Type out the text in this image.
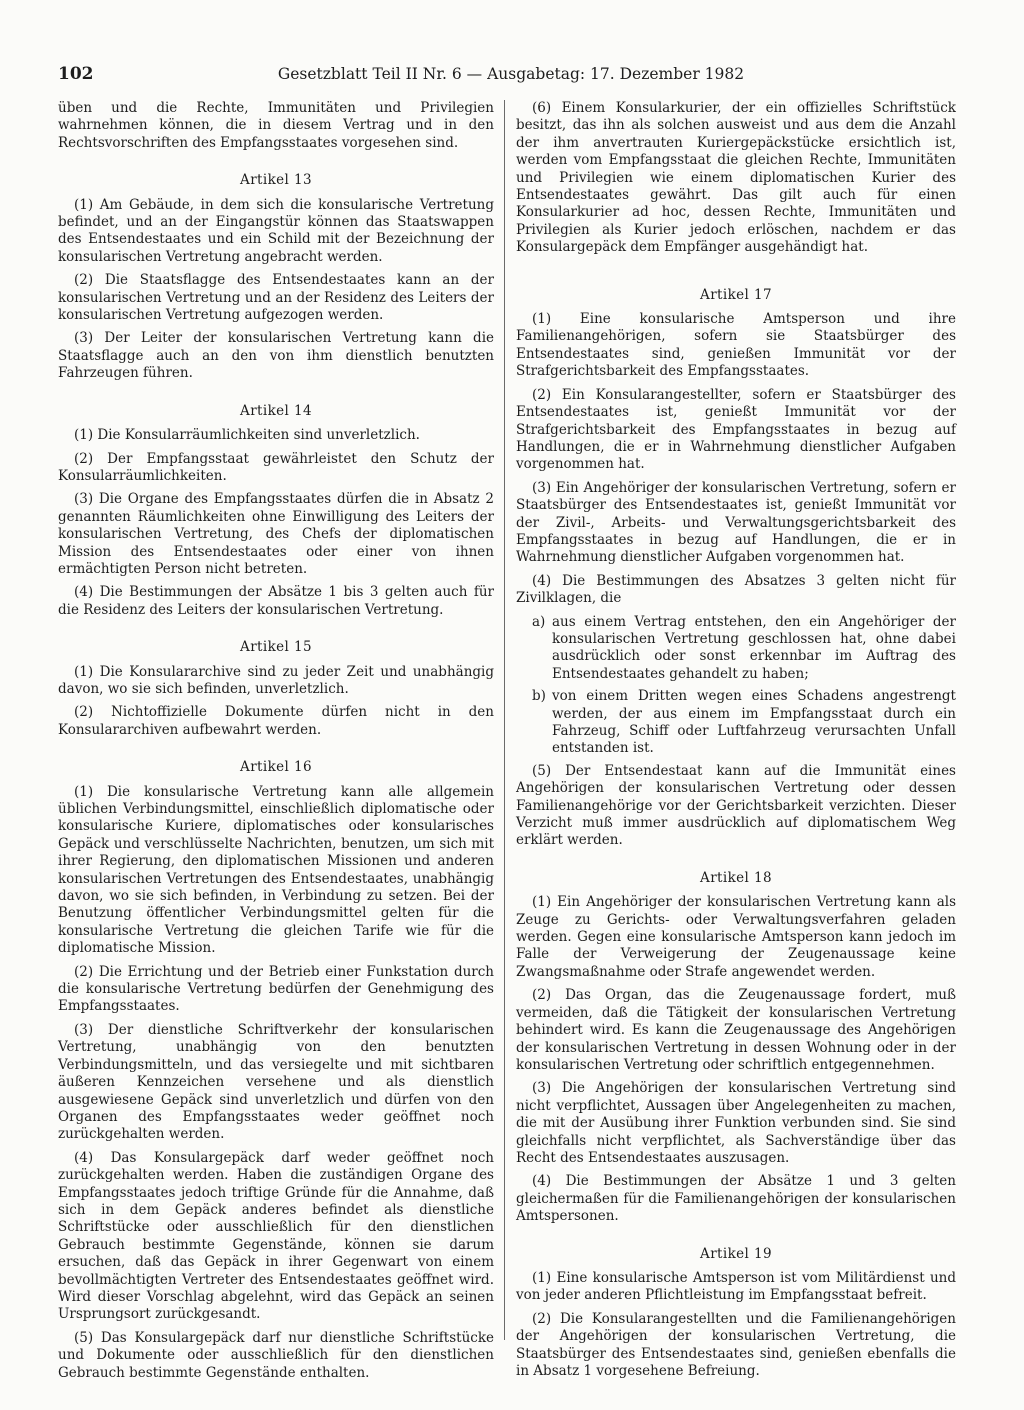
102	Gesetzblatt Teil II Nr. 6 — Ausgabetag: 17. Dezember 1982

üben und die Rechte, Immunitäten und Privilegien wahrnehmen können, die in diesem Vertrag und in den Rechtsvorschriften des Empfangsstaates vorgesehen sind.

Artikel 13

(1) Am Gebäude, in dem sich die konsularische Vertretung befindet, und an der Eingangstür können das Staatswappen des Entsendestaates und ein Schild mit der Bezeichnung der konsularischen Vertretung angebracht werden.

(2) Die Staatsflagge des Entsendestaates kann an der konsularischen Vertretung und an der Residenz des Leiters der konsularischen Vertretung aufgezogen werden.

(3) Der Leiter der konsularischen Vertretung kann die Staatsflagge auch an den von ihm dienstlich benutzten Fahrzeugen führen.

Artikel 14

(1) Die Konsularräumlichkeiten sind unverletzlich.

(2) Der Empfangsstaat gewährleistet den Schutz der Konsularräumlichkeiten.

(3) Die Organe des Empfangsstaates dürfen die in Absatz 2 genannten Räumlichkeiten ohne Einwilligung des Leiters der konsularischen Vertretung, des Chefs der diplomatischen Mission des Entsendestaates oder einer von ihnen ermächtigten Person nicht betreten.

(4) Die Bestimmungen der Absätze 1 bis 3 gelten auch für die Residenz des Leiters der konsularischen Vertretung.

Artikel 15

(1) Die Konsulararchive sind zu jeder Zeit und unabhängig davon, wo sie sich befinden, unverletzlich.

(2) Nichtoffizielle Dokumente dürfen nicht in den Konsulararchiven aufbewahrt werden.

Artikel 16

(1) Die konsularische Vertretung kann alle allgemein üblichen Verbindungsmittel, einschließlich diplomatische oder konsularische Kuriere, diplomatisches oder konsularisches Gepäck und verschlüsselte Nachrichten, benutzen, um sich mit ihrer Regierung, den diplomatischen Missionen und anderen konsularischen Vertretungen des Entsendestaates, unabhängig davon, wo sie sich befinden, in Verbindung zu setzen. Bei der Benutzung öffentlicher Verbindungsmittel gelten für die konsularische Vertretung die gleichen Tarife wie für die diplomatische Mission.

(2) Die Errichtung und der Betrieb einer Funkstation durch die konsularische Vertretung bedürfen der Genehmigung des Empfangsstaates.

(3) Der dienstliche Schriftverkehr der konsularischen Vertretung, unabhängig von den benutzten Verbindungsmitteln, und das versiegelte und mit sichtbaren äußeren Kennzeichen versehene und als dienstlich ausgewiesene Gepäck sind unverletzlich und dürfen von den Organen des Empfangsstaates weder geöffnet noch zurückgehalten werden.

(4) Das Konsulargepäck darf weder geöffnet noch zurückgehalten werden. Haben die zuständigen Organe des Empfangsstaates jedoch triftige Gründe für die Annahme, daß sich in dem Gepäck anderes befindet als dienstliche Schriftstücke oder ausschließlich für den dienstlichen Gebrauch bestimmte Gegenstände, können sie darum ersuchen, daß das Gepäck in ihrer Gegenwart von einem bevollmächtigten Vertreter des Entsendestaates geöffnet wird. Wird dieser Vorschlag abgelehnt, wird das Gepäck an seinen Ursprungsort zurückgesandt.

(5) Das Konsulargepäck darf nur dienstliche Schriftstücke und Dokumente oder ausschließlich für den dienstlichen Gebrauch bestimmte Gegenstände enthalten.

(6) Einem Konsularkurier, der ein offizielles Schriftstück besitzt, das ihn als solchen ausweist und aus dem die Anzahl der ihm anvertrauten Kuriergepäckstücke ersichtlich ist, werden vom Empfangsstaat die gleichen Rechte, Immunitäten und Privilegien wie einem diplomatischen Kurier des Entsendestaates gewährt. Das gilt auch für einen Konsularkurier ad hoc, dessen Rechte, Immunitäten und Privilegien als Kurier jedoch erlöschen, nachdem er das Konsulargepäck dem Empfänger ausgehändigt hat.

Artikel 17

(1) Eine konsularische Amtsperson und ihre Familienangehörigen, sofern sie Staatsbürger des Entsendestaates sind, genießen Immunität vor der Strafgerichtsbarkeit des Empfangsstaates.

(2) Ein Konsularangestellter, sofern er Staatsbürger des Entsendestaates ist, genießt Immunität vor der Strafgerichtsbarkeit des Empfangsstaates in bezug auf Handlungen, die er in Wahrnehmung dienstlicher Aufgaben vorgenommen hat.

(3) Ein Angehöriger der konsularischen Vertretung, sofern er Staatsbürger des Entsendestaates ist, genießt Immunität vor der Zivil-, Arbeits- und Verwaltungsgerichtsbarkeit des Empfangsstaates in bezug auf Handlungen, die er in Wahrnehmung dienstlicher Aufgaben vorgenommen hat.

(4) Die Bestimmungen des Absatzes 3 gelten nicht für Zivilklagen, die

a) aus einem Vertrag entstehen, den ein Angehöriger der konsularischen Vertretung geschlossen hat, ohne dabei ausdrücklich oder sonst erkennbar im Auftrag des Entsendestaates gehandelt zu haben;
b) von einem Dritten wegen eines Schadens angestrengt werden, der aus einem im Empfangsstaat durch ein Fahrzeug, Schiff oder Luftfahrzeug verursachten Unfall entstanden ist.

(5) Der Entsendestaat kann auf die Immunität eines Angehörigen der konsularischen Vertretung oder dessen Familienangehörige vor der Gerichtsbarkeit verzichten. Dieser Verzicht muß immer ausdrücklich auf diplomatischem Weg erklärt werden.

Artikel 18

(1) Ein Angehöriger der konsularischen Vertretung kann als Zeuge zu Gerichts- oder Verwaltungsverfahren geladen werden. Gegen eine konsularische Amtsperson kann jedoch im Falle der Verweigerung der Zeugenaussage keine Zwangsmaßnahme oder Strafe angewendet werden.

(2) Das Organ, das die Zeugenaussage fordert, muß vermeiden, daß die Tätigkeit der konsularischen Vertretung behindert wird. Es kann die Zeugenaussage des Angehörigen der konsularischen Vertretung in dessen Wohnung oder in der konsularischen Vertretung oder schriftlich entgegennehmen.

(3) Die Angehörigen der konsularischen Vertretung sind nicht verpflichtet, Aussagen über Angelegenheiten zu machen, die mit der Ausübung ihrer Funktion verbunden sind. Sie sind gleichfalls nicht verpflichtet, als Sachverständige über das Recht des Entsendestaates auszusagen.

(4) Die Bestimmungen der Absätze 1 und 3 gelten gleichermaßen für die Familienangehörigen der konsularischen Amtspersonen.

Artikel 19

(1) Eine konsularische Amtsperson ist vom Militärdienst und von jeder anderen Pflichtleistung im Empfangsstaat befreit.

(2) Die Konsularangestellten und die Familienangehörigen der Angehörigen der konsularischen Vertretung, die Staatsbürger des Entsendestaates sind, genießen ebenfalls die in Absatz 1 vorgesehene Befreiung.
